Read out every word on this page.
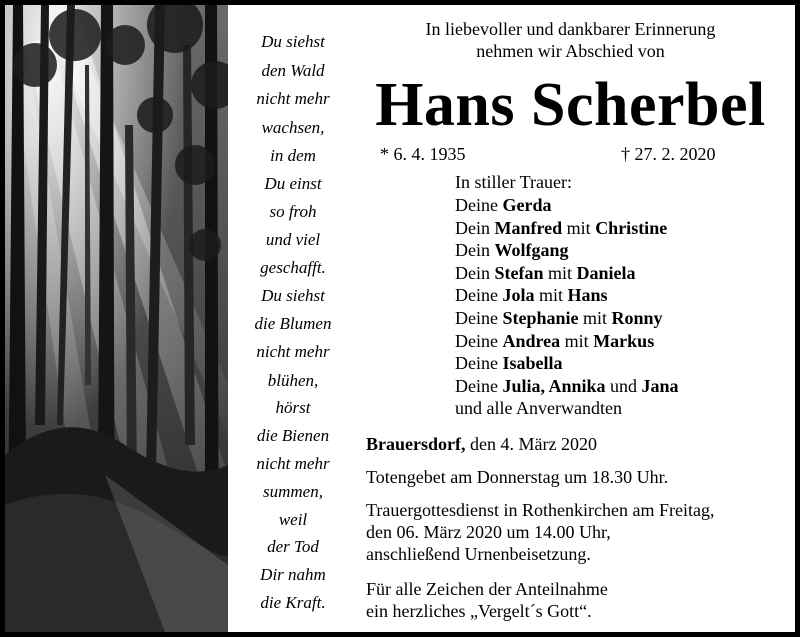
Du siehst
den Wald
nicht mehr
wachsen,
in dem
Du einst
so froh
und viel
geschafft.
Du siehst
die Blumen
nicht mehr
blühen,
hörst
die Bienen
nicht mehr
summen,
weil
der Tod
Dir nahm
die Kraft.
In liebevoller und dankbarer Erinnerung
nehmen wir Abschied von
Hans Scherbel
* 6. 4. 1935	† 27. 2. 2020
In stiller Trauer:
Deine Gerda
Dein Manfred mit Christine
Dein Wolfgang
Dein Stefan mit Daniela
Deine Jola mit Hans
Deine Stephanie mit Ronny
Deine Andrea mit Markus
Deine Isabella
Deine Julia, Annika und Jana
und alle Anverwandten
Brauersdorf, den 4. März 2020
Totengebet am Donnerstag um 18.30 Uhr.
Trauergottesdienst in Rothenkirchen am Freitag,
den 06. März 2020 um 14.00 Uhr,
anschließend Urnenbeisetzung.
Für alle Zeichen der Anteilnahme
ein herzliches „Vergelt´s Gott“.
